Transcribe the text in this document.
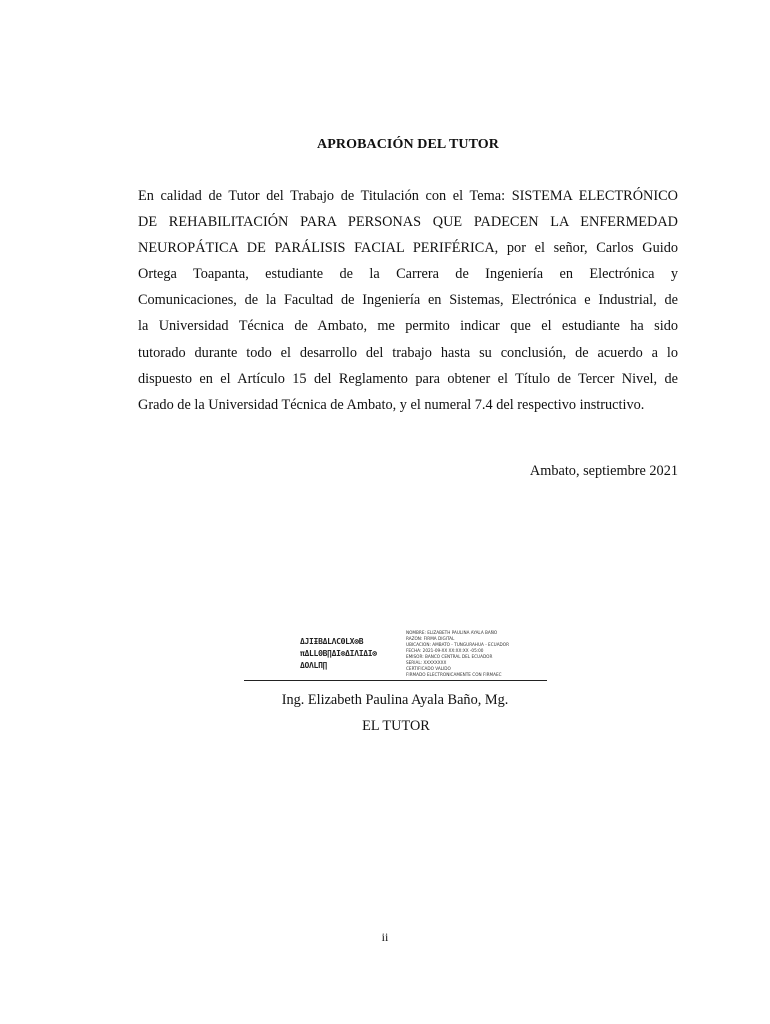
APROBACIÓN DEL TUTOR
En calidad de Tutor del Trabajo de Titulación con el Tema: SISTEMA ELECTRÓNICO
DE REHABILITACIÓN PARA PERSONAS QUE PADECEN LA ENFERMEDAD
NEUROPÁTICA DE PARÁLISIS FACIAL PERIFÉRICA, por el señor, Carlos Guido
Ortega Toapanta, estudiante de la Carrera de Ingeniería en Electrónica y
Comunicaciones, de la Facultad de Ingeniería en Sistemas, Electrónica e Industrial, de
la Universidad Técnica de Ambato, me permito indicar que el estudiante ha sido
tutorado durante todo el desarrollo del trabajo hasta su conclusión, de acuerdo a lo
dispuesto en el Artículo 15 del Reglamento para obtener el Título de Tercer Nivel, de
Grado de la Universidad Técnica de Ambato, y el numeral 7.4 del respectivo instructivo.
Ambato, septiembre 2021
ΔJIƗBΔLΛCΘLX⊗B
πΔLLΘΒ∏ΔI⊗ΔIΛIΔI⊗
ΔΟΛLΠ∏
NOMBRE: ELIZABETH PAULINA AYALA BAÑO
RAZON: FIRMA DIGITAL
UBICACION: AMBATO - TUNGURAHUA - ECUADOR
FECHA: 2021-09-XX XX:XX:XX -05:00
EMISOR: BANCO CENTRAL DEL ECUADOR
SERIAL: XXXXXXXX
CERTIFICADO VALIDO
FIRMADO ELECTRONICAMENTE CON FIRMAEC
Ing. Elizabeth Paulina Ayala Baño, Mg.
EL TUTOR
ii
